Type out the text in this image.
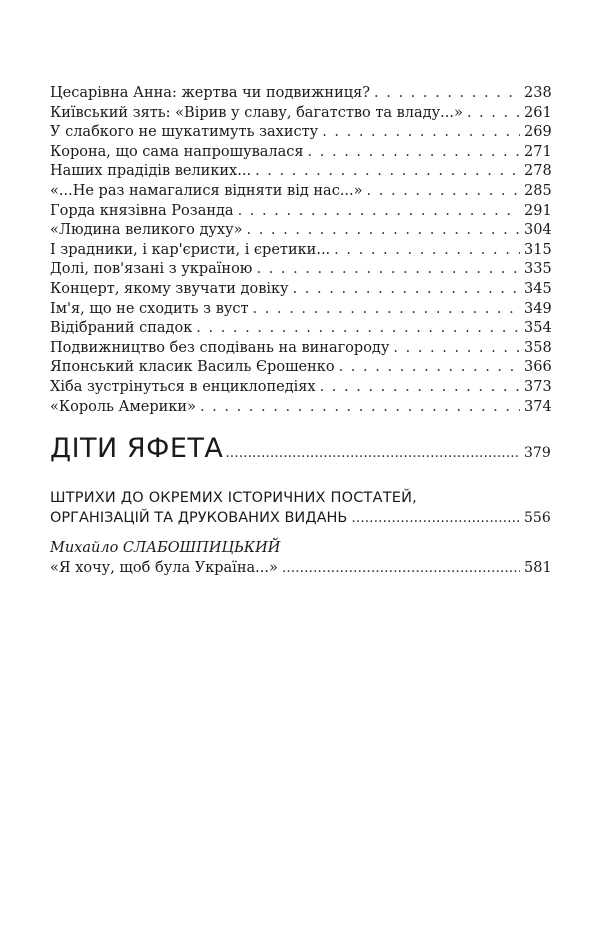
Цесарівна Анна: жертва чи подвижниця? . . .	238
Київський зять: «Вірив у славу, багатство та владу...» . . .	261
У слабкого не шукатимуть захисту . . .	269
Корона, що сама напрошувалася . . .	271
Наших прадідів великих... . . .	278
«...Не раз намагалися відняти від нас...» . . .	285
Горда князівна Розанда . . .	291
«Людина великого духу» . . .	304
І зрадники, і кар'єристи, і єретики... . . .	315
Долі, пов'язані з україною . . .	335
Концерт, якому звучати довіку . . .	345
Ім'я, що не сходить з вуст . . .	349
Відібраний спадок . . .	354
Подвижництво без сподівань на винагороду . . .	358
Японський класик Василь Єрошенко . . .	366
Хіба зустрінуться в енциклопедіях . . .	373
«Король Америки» . . .	374
ДІТИ ЯФЕТА .....	379
ШТРИХИ ДО ОКРЕМИХ ІСТОРИЧНИХ ПОСТАТЕЙ,
ОРГАНІЗАЦІЙ ТА ДРУКОВАНИХ ВИДАНЬ .....	556
Михайло СЛАБОШПИЦЬКИЙ
«Я хочу, щоб була Україна...» .....	581
